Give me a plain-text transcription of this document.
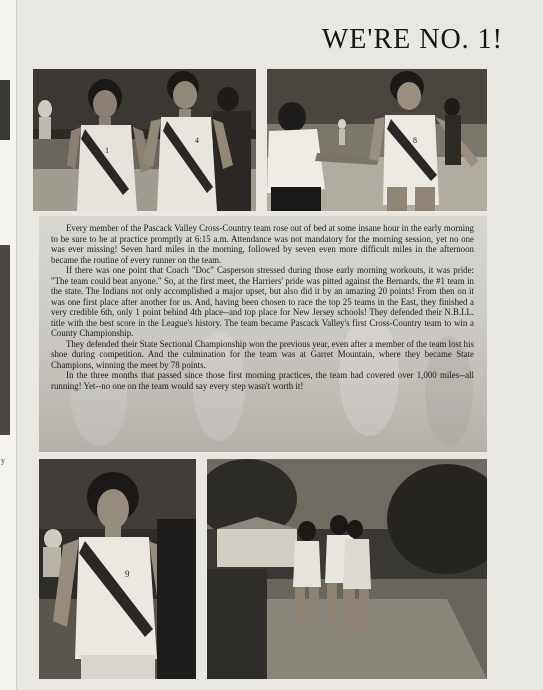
y
WE'RE NO. 1!
1
4	8

Every member of the Pascack Valley Cross-Country team rose out of bed at some insane hour in the early morning to be sure to be at practice promptly at 6:15 a.m. Attendance was not mandatory for the morning session, yet no one was ever missing! Seven hard miles in the morning, followed by seven even more difficult miles in the afternoon became the routine of every runner on the team.

If there was one point that Coach "Doc" Casperson stressed during those early morning workouts, it was pride: "The team could beat anyone." So, at the first meet, the Harriers' pride was pitted against the Bernards, the #1 team in the state. The Indians not only accomplished a major upset, but also did it by an amazing 20 points! From then on it was one first place after another for us. And, having been chosen to race the top 25 teams in the East, they finished a very credible 6th, only 1 point behind 4th place--and top place for New Jersey schools! They defended their N.B.I.L. title with the best score in the League's history. The team became Pascack Valley's first Cross-Country team to win a County Championship.

They defended their State Sectional Championship won the previous year, even after a member of the team lost his shoe during competition. And the culmination for the team was at Garret Mountain, where they became State Champions, winning the meet by 78 points.

In the three months that passed since those first morning practices, the team had covered over 1,000 miles--all running! Yet--no one on the team would say every step wasn't worth it!

9
